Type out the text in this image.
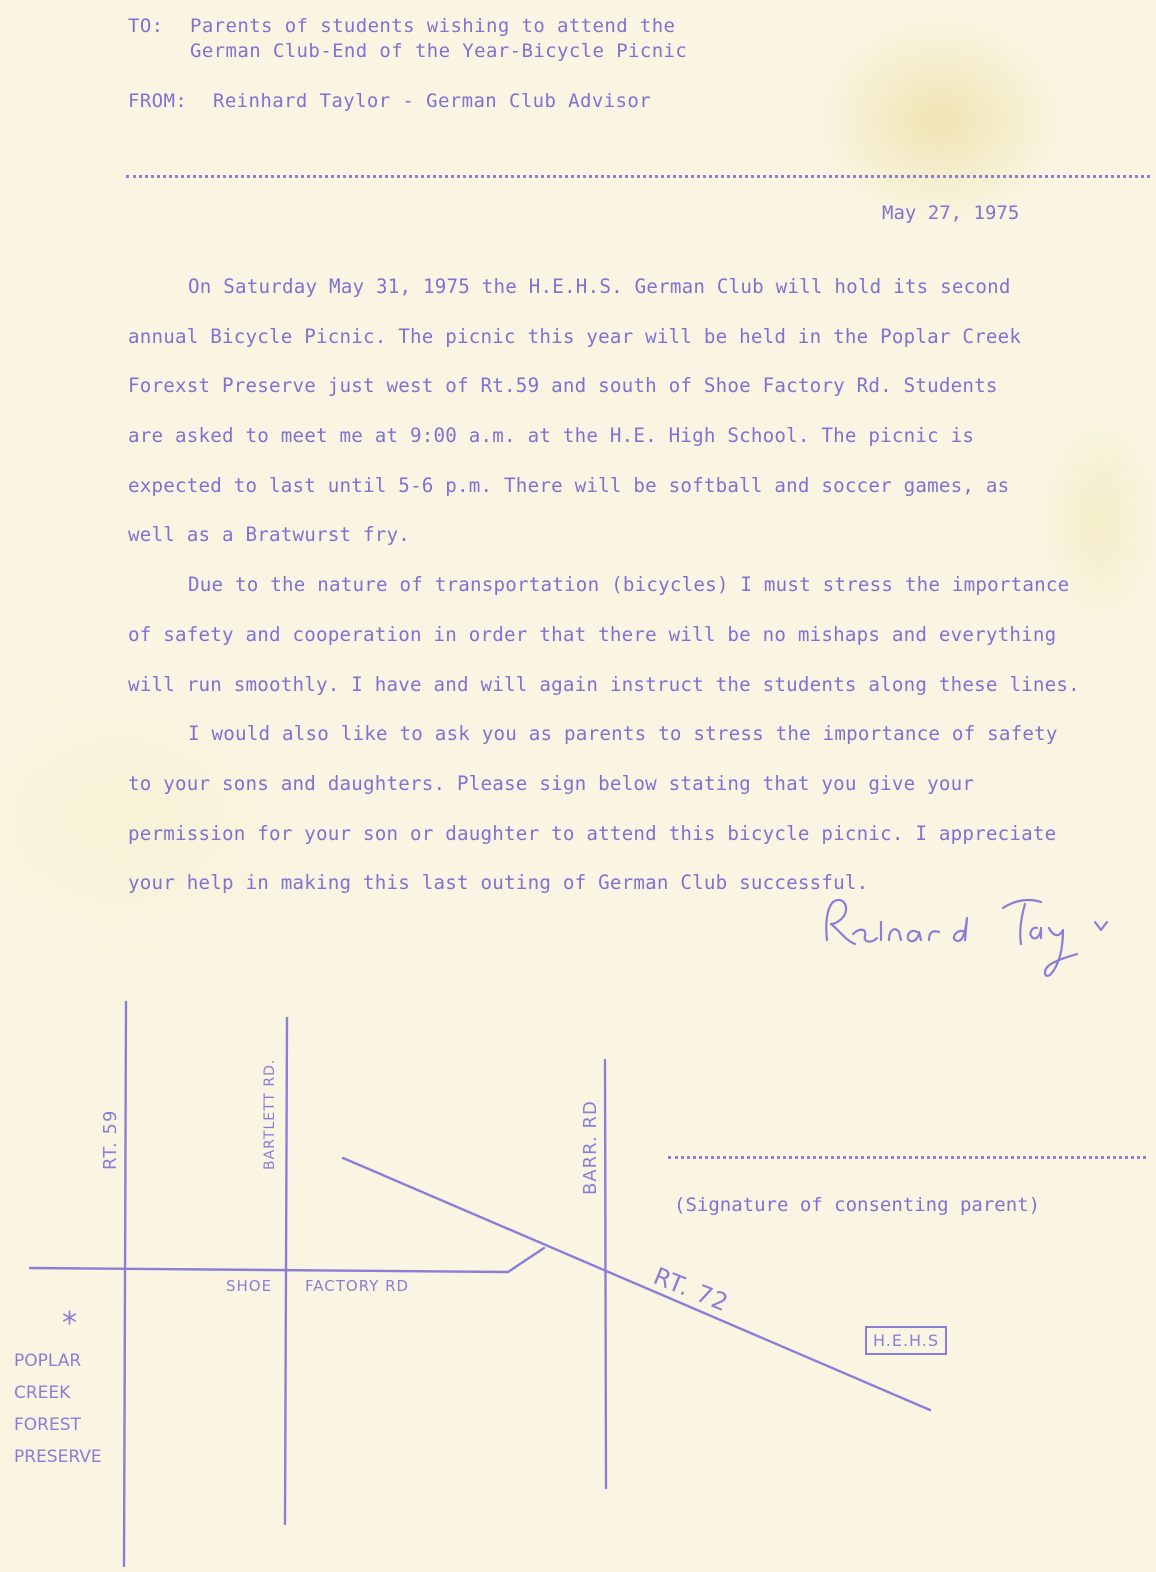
TO: Parents of students wishing to attend the
German Club-End of the Year-Bicycle Picnic
FROM: Reinhard Taylor - German Club Advisor
May 27, 1975
On Saturday May 31, 1975 the H.E.H.S. German Club will hold its second
annual Bicycle Picnic. The picnic this year will be held in the Poplar Creek
Forexst Preserve just west of Rt.59 and south of Shoe Factory Rd. Students
are asked to meet me at 9:00 a.m. at the H.E. High School. The picnic is
expected to last until 5-6 p.m. There will be softball and soccer games, as
well as a Bratwurst fry.
Due to the nature of transportation (bicycles) I must stress the importance
of safety and cooperation in order that there will be no mishaps and everything
will run smoothly. I have and will again instruct the students along these lines.
I would also like to ask you as parents to stress the importance of safety
to your sons and daughters. Please sign below stating that you give your
permission for your son or daughter to attend this bicycle picnic. I appreciate
your help in making this last outing of German Club successful.
RT. 59	BARTLETT RD.	BARR. RD
SHOE FACTORY RD	RT. 72
H.E.H.S
*
POPLAR
CREEK
FOREST
PRESERVE
(Signature of consenting parent)
